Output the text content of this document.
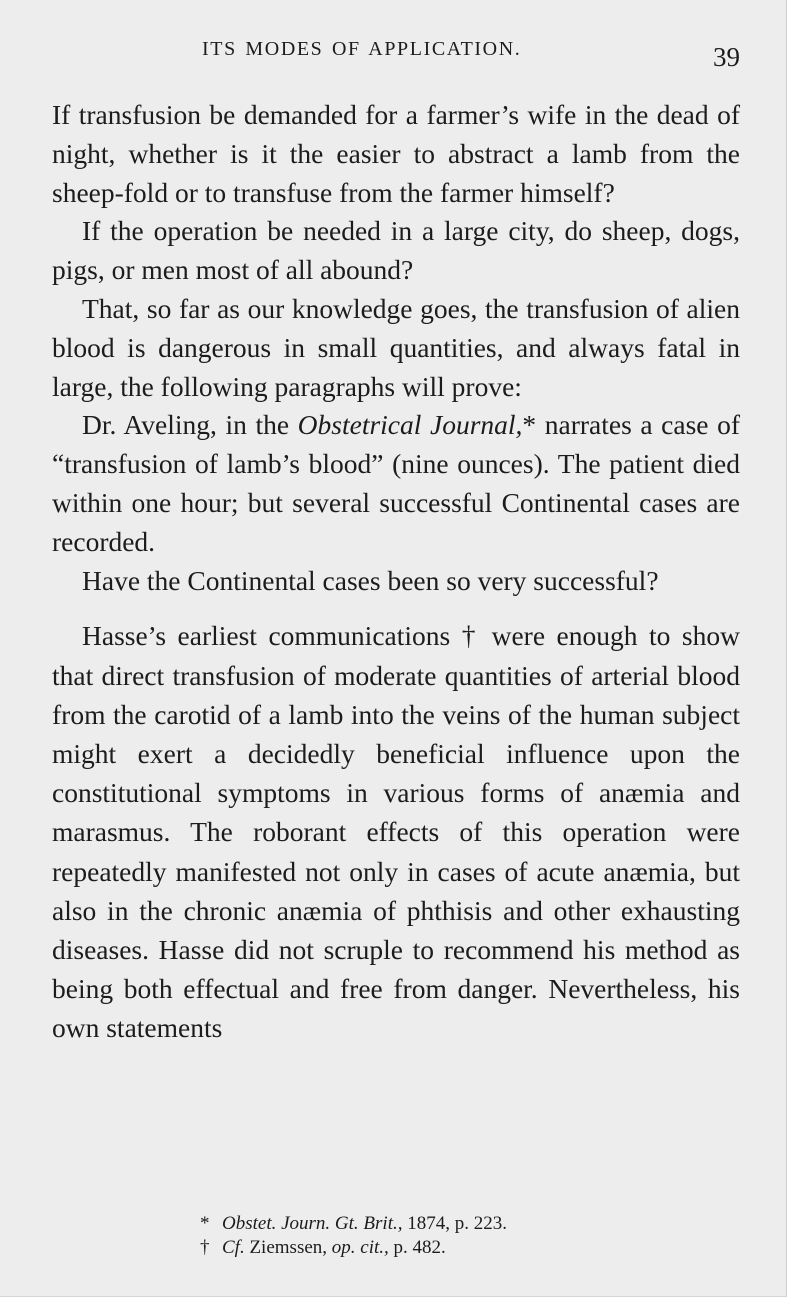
ITS MODES OF APPLICATION.	39

If transfusion be demanded for a farmer’s wife in the dead of night, whether is it the easier to abstract a lamb from the sheep-fold or to transfuse from the farmer himself?

If the operation be needed in a large city, do sheep, dogs, pigs, or men most of all abound?

That, so far as our knowledge goes, the transfusion of alien blood is dangerous in small quantities, and always fatal in large, the following paragraphs will prove:

Dr. Aveling, in the Obstetrical Journal,* narrates a case of “transfusion of lamb’s blood” (nine ounces). The patient died within one hour; but several successful Continental cases are recorded.

Have the Continental cases been so very successful?

Hasse’s earliest communications † were enough to show that direct transfusion of moderate quantities of arterial blood from the carotid of a lamb into the veins of the human subject might exert a decidedly beneficial influence upon the constitutional symptoms in various forms of anæmia and marasmus. The roborant effects of this operation were repeatedly manifested not only in cases of acute anæmia, but also in the chronic anæmia of phthisis and other exhausting diseases. Hasse did not scruple to recommend his method as being both effectual and free from danger. Nevertheless, his own statements

* Obstet. Journ. Gt. Brit., 1874, p. 223.
† Cf. Ziemssen, op. cit., p. 482.
